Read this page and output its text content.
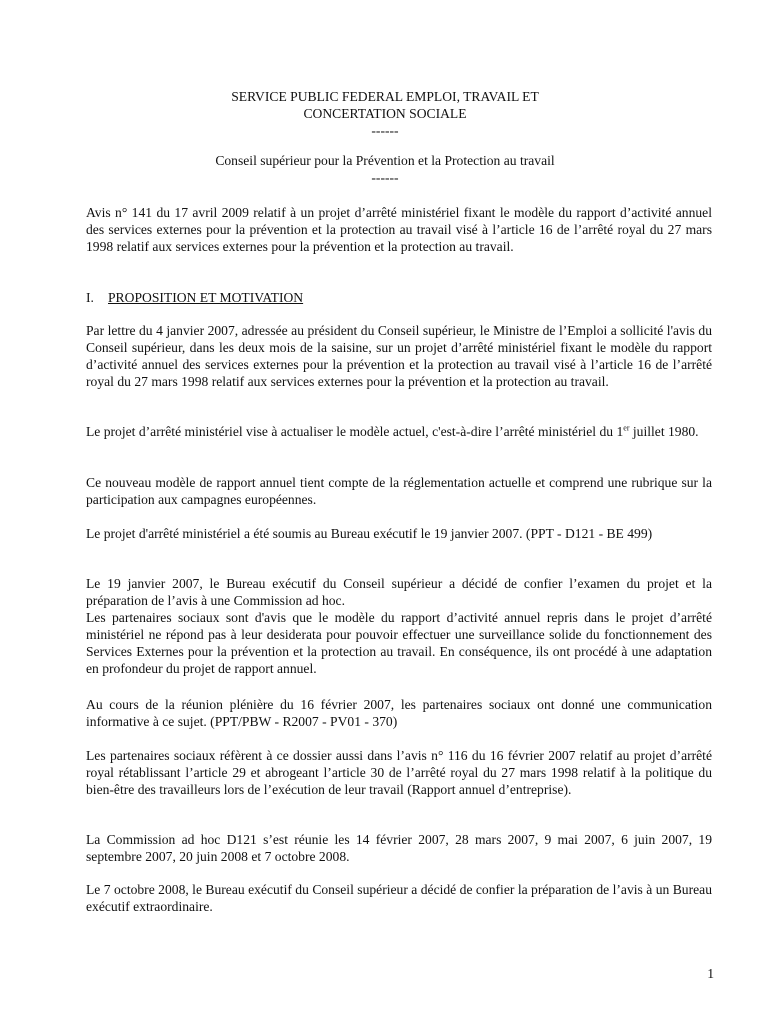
SERVICE PUBLIC FEDERAL EMPLOI, TRAVAIL ET
CONCERTATION SOCIALE
------
Conseil supérieur pour la Prévention et la Protection au travail
------

Avis n° 141 du 17 avril 2009 relatif à un projet d’arrêté ministériel fixant le modèle du rapport d’activité annuel des services externes pour la prévention et la protection au travail visé à l’article 16 de l’arrêté royal du 27 mars 1998 relatif aux services externes pour la prévention et la protection au travail.

I. PROPOSITION ET MOTIVATION

Par lettre du 4 janvier 2007, adressée au président du Conseil supérieur, le Ministre de l’Emploi a sollicité l'avis du Conseil supérieur, dans les deux mois de la saisine, sur un projet d’arrêté ministériel fixant le modèle du rapport d’activité annuel des services externes pour la prévention et la protection au travail visé à l’article 16 de l’arrêté royal du 27 mars 1998 relatif aux services externes pour la prévention et la protection au travail.

Le projet d’arrêté ministériel vise à actualiser le modèle actuel, c'est-à-dire l’arrêté ministériel du 1er juillet 1980.

Ce nouveau modèle de rapport annuel tient compte de la réglementation actuelle et comprend une rubrique sur la participation aux campagnes européennes.

Le projet d'arrêté ministériel a été soumis au Bureau exécutif le 19 janvier 2007. (PPT - D121 - BE 499)

Le 19 janvier 2007, le Bureau exécutif du Conseil supérieur a décidé de confier l’examen du projet et la préparation de l’avis à une Commission ad hoc.

Les partenaires sociaux sont d'avis que le modèle du rapport d’activité annuel repris dans le projet d’arrêté ministériel ne répond pas à leur desiderata pour pouvoir effectuer une surveillance solide du fonctionnement des Services Externes pour la prévention et la protection au travail. En conséquence, ils ont procédé à une adaptation en profondeur du projet de rapport annuel.

Au cours de la réunion plénière du 16 février 2007, les partenaires sociaux ont donné une communication informative à ce sujet. (PPT/PBW - R2007 - PV01 - 370)

Les partenaires sociaux réfèrent à ce dossier aussi dans l’avis n° 116 du 16 février 2007 relatif au projet d’arrêté royal rétablissant l’article 29 et abrogeant l’article 30 de l’arrêté royal du 27 mars 1998 relatif à la politique du bien-être des travailleurs lors de l’exécution de leur travail (Rapport annuel d’entreprise).

La Commission ad hoc D121 s’est réunie les 14 février 2007, 28 mars 2007, 9 mai 2007, 6 juin 2007, 19 septembre 2007, 20 juin 2008 et 7 octobre 2008.

Le 7 octobre 2008, le Bureau exécutif du Conseil supérieur a décidé de confier la préparation de l’avis à un Bureau exécutif extraordinaire.

1
